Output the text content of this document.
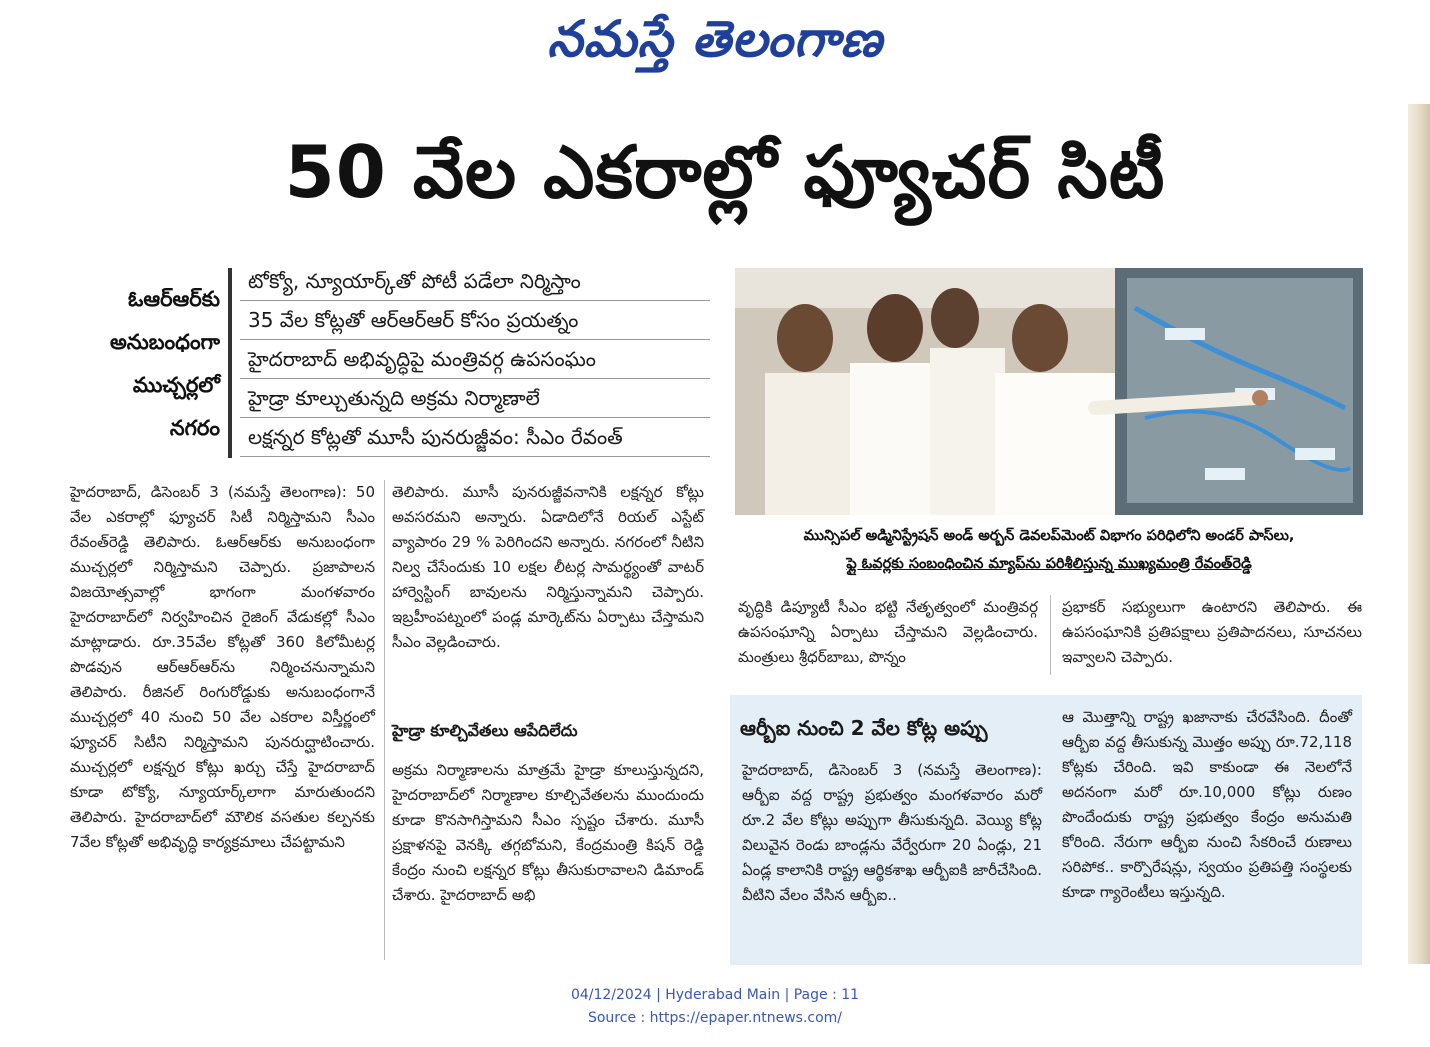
నమస్తే తెలంగాణ
50 వేల ఎకరాల్లో ఫ్యూచర్ సిటీ
ఓఆర్ఆర్‌కు
అనుబంధంగా
ముచ్చర్లలో
నగరం
టోక్యో, న్యూయార్క్‌తో పోటీ పడేలా నిర్మిస్తాం
35 వేల కోట్లతో ఆర్ఆర్ఆర్ కోసం ప్రయత్నం
హైదరాబాద్ అభివృద్ధిపై మంత్రివర్గ ఉపసంఘం
హైడ్రా కూల్చుతున్నది అక్రమ నిర్మాణాలే
లక్షన్నర కోట్లతో మూసీ పునరుజ్జీవం: సీఎం రేవంత్
మున్సిపల్ అడ్మినిస్ట్రేషన్ అండ్ అర్బన్ డెవలప్‌మెంట్ విభాగం పరిధిలోని అండర్ పాస్‌లు,
ఫ్లై ఓవర్లకు సంబంధించిన మ్యాప్‌ను పరిశీలిస్తున్న ముఖ్యమంత్రి రేవంత్‌రెడ్డి

హైదరాబాద్, డిసెంబర్ 3 (నమస్తే తెలంగాణ): 50 వేల ఎకరాల్లో ఫ్యూచర్ సిటీ నిర్మిస్తామని సీఎం రేవంత్‌రెడ్డి తెలిపారు. ఓఆర్ఆర్‌కు అనుబంధంగా ముచ్చర్లలో నిర్మిస్తామని చెప్పారు. ప్రజాపాలన విజయోత్సవాల్లో భాగంగా మంగళవారం హైదరాబాద్‌లో నిర్వహించిన రైజింగ్ వేడుకల్లో సీఎం మాట్లాడారు. రూ.35వేల కోట్లతో 360 కిలోమీటర్ల పొడవున ఆర్ఆర్ఆర్‌ను నిర్మించనున్నామని తెలిపారు. రీజినల్ రింగురోడ్డుకు అనుబంధంగానే ముచ్చర్లలో 40 నుంచి 50 వేల ఎకరాల విస్తీర్ణంలో ఫ్యూచర్ సిటీని నిర్మిస్తామని పునరుద్ఘాటించారు. ముచ్చర్లలో లక్షన్నర కోట్లు ఖర్చు చేస్తే హైదరాబాద్ కూడా టోక్యో, న్యూయార్క్‌లాగా మారుతుందని తెలిపారు. హైదరాబాద్‌లో మౌలిక వసతుల కల్పనకు 7వేల కోట్లతో అభివృద్ధి కార్యక్రమాలు చేపట్టామని

తెలిపారు. మూసీ పునరుజ్జీవనానికి లక్షన్నర కోట్లు అవసరమని అన్నారు. ఏడాదిలోనే రియల్ ఎస్టేట్ వ్యాపారం 29 % పెరిగిందని అన్నారు. నగరంలో నీటిని నిల్వ చేసేందుకు 10 లక్షల లీటర్ల సామర్థ్యంతో వాటర్ హార్వెస్టింగ్ బావులను నిర్మిస్తున్నామని చెప్పారు. ఇబ్రహీంపట్నంలో పండ్ల మార్కెట్‌ను ఏర్పాటు చేస్తామని సీఎం వెల్లడించారు.

హైడ్రా కూల్చివేతలు ఆపేదిలేదు

అక్రమ నిర్మాణాలను మాత్రమే హైడ్రా కూలుస్తున్నదని, హైదరాబాద్‌లో నిర్మాణాల కూల్చివేతలను ముందుందు కూడా కొనసాగిస్తామని సీఎం స్పష్టం చేశారు. మూసీ ప్రక్షాళనపై వెనక్కి తగ్గబోమని, కేంద్రమంత్రి కిషన్ రెడ్డి కేంద్రం నుంచి లక్షన్నర కోట్లు తీసుకురావాలని డిమాండ్ చేశారు. హైదరాబాద్ అభి

వృద్ధికి డిప్యూటీ సీఎం భట్టి నేతృత్వంలో మంత్రివర్గ ఉపసంఘాన్ని ఏర్పాటు చేస్తామని వెల్లడించారు. మంత్రులు శ్రీధర్‌బాబు, పొన్నం

ప్రభాకర్ సభ్యులుగా ఉంటారని తెలిపారు. ఈ ఉపసంఘానికి ప్రతిపక్షాలు ప్రతిపాదనలు, సూచనలు ఇవ్వాలని చెప్పారు.

ఆర్బీఐ నుంచి 2 వేల కోట్ల అప్పు

హైదరాబాద్, డిసెంబర్ 3 (నమస్తే తెలంగాణ): ఆర్బీఐ వద్ద రాష్ట్ర ప్రభుత్వం మంగళవారం మరో రూ.2 వేల కోట్లు అప్పుగా తీసుకున్నది. వెయ్యి కోట్ల విలువైన రెండు బాండ్లను వేర్వేరుగా 20 ఏండ్లు, 21 ఏండ్ల కాలానికి రాష్ట్ర ఆర్థికశాఖ ఆర్బీఐకి జారీచేసింది. వీటిని వేలం వేసిన ఆర్బీఐ..

ఆ మొత్తాన్ని రాష్ట్ర ఖజానాకు చేరవేసింది. దీంతో ఆర్బీఐ వద్ద తీసుకున్న మొత్తం అప్పు రూ.72,118 కోట్లకు చేరింది. ఇవి కాకుండా ఈ నెలలోనే అదనంగా మరో రూ.10,000 కోట్లు రుణం పొందేందుకు రాష్ట్ర ప్రభుత్వం కేంద్రం అనుమతి కోరింది. నేరుగా ఆర్బీఐ నుంచి సేకరించే రుణాలు సరిపోక.. కార్పొరేషన్లు, స్వయం ప్రతిపత్తి సంస్థలకు కూడా గ్యారెంటీలు ఇస్తున్నది.

04/12/2024 | Hyderabad Main | Page : 11
Source : https://epaper.ntnews.com/
